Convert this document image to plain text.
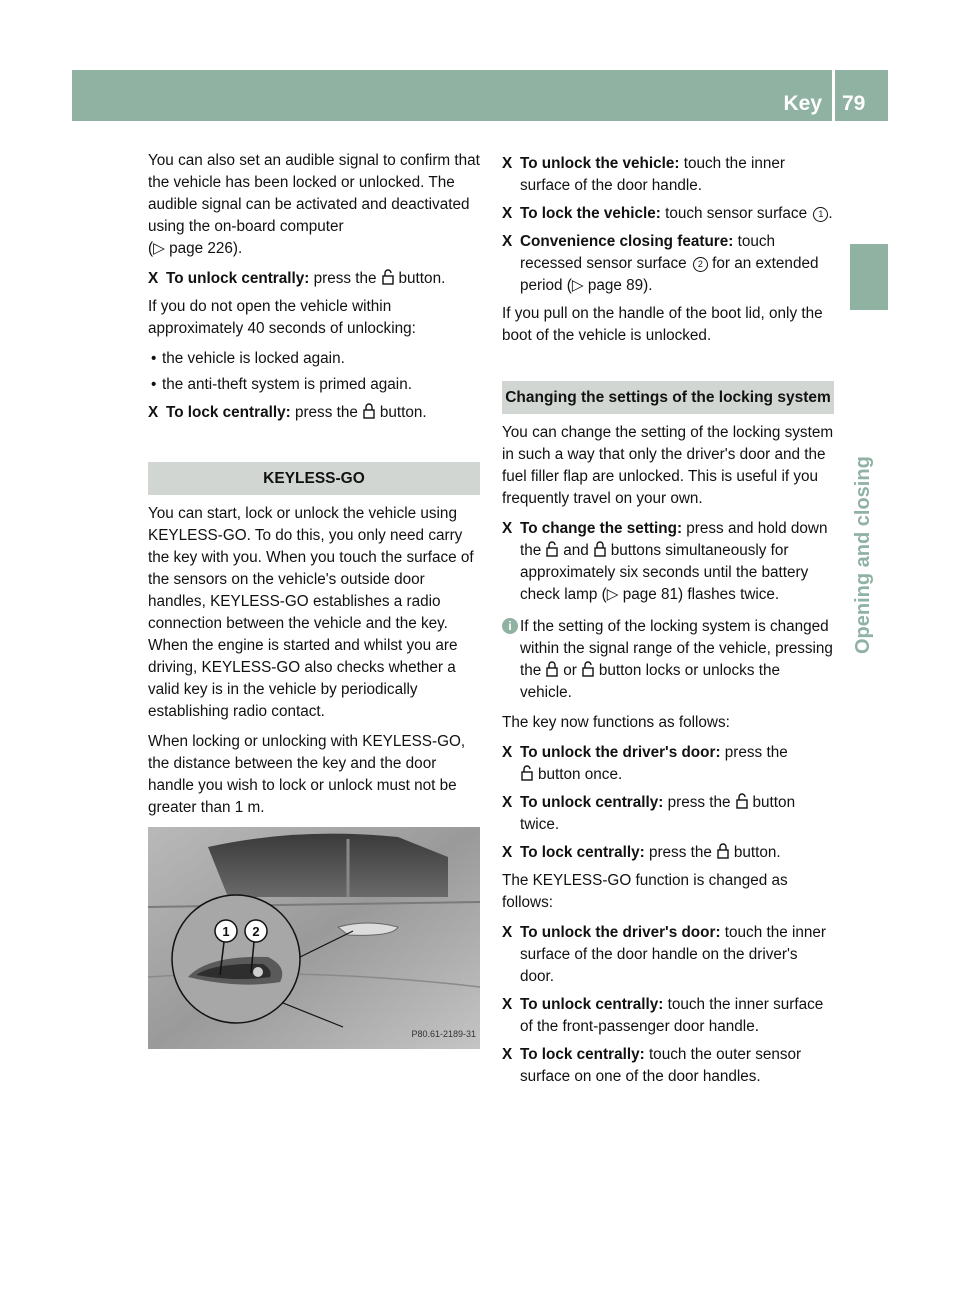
Key 79
Opening and closing

You can also set an audible signal to confirm that the vehicle has been locked or unlocked. The audible signal can be activated and deactivated using the on-board computer
(▷ page 226).

X To unlock centrally: press the button.

If you do not open the vehicle within approximately 40 seconds of unlocking:

• the vehicle is locked again.
• the anti-theft system is primed again.
X To lock centrally: press the button.
KEYLESS-GO

You can start, lock or unlock the vehicle using KEYLESS-GO. To do this, you only need carry the key with you. When you touch the surface of the sensors on the vehicle's outside door handles, KEYLESS-GO establishes a radio connection between the vehicle and the key. When the engine is started and whilst you are driving, KEYLESS-GO also checks whether a valid key is in the vehicle by periodically establishing radio contact.

When locking or unlocking with KEYLESS-GO, the distance between the key and the door handle you wish to lock or unlock must not be greater than 1 m.

1 2
P80.61-2189-31
X To unlock the vehicle: touch the inner surface of the door handle.
X To lock the vehicle: touch sensor surface 1 .
X Convenience closing feature: touch recessed sensor surface 2 for an extended period (▷ page 89).

If you pull on the handle of the boot lid, only the boot of the vehicle is unlocked.

Changing the settings of the locking system

You can change the setting of the locking system in such a way that only the driver's door and the fuel filler flap are unlocked. This is useful if you frequently travel on your own.

X To change the setting: press and hold down the and buttons simultaneously for approximately six seconds until the battery check lamp (▷ page 81) flashes twice.
i If the setting of the locking system is changed within the signal range of the vehicle, pressing the or button locks or unlocks the vehicle.

The key now functions as follows:

X To unlock the driver's door: press the
button once.
X To unlock centrally: press the button twice.
X To lock centrally: press the button.

The KEYLESS-GO function is changed as follows:

X To unlock the driver's door: touch the inner surface of the door handle on the driver's door.
X To unlock centrally: touch the inner surface of the front-passenger door handle.
X To lock centrally: touch the outer sensor surface on one of the door handles.
